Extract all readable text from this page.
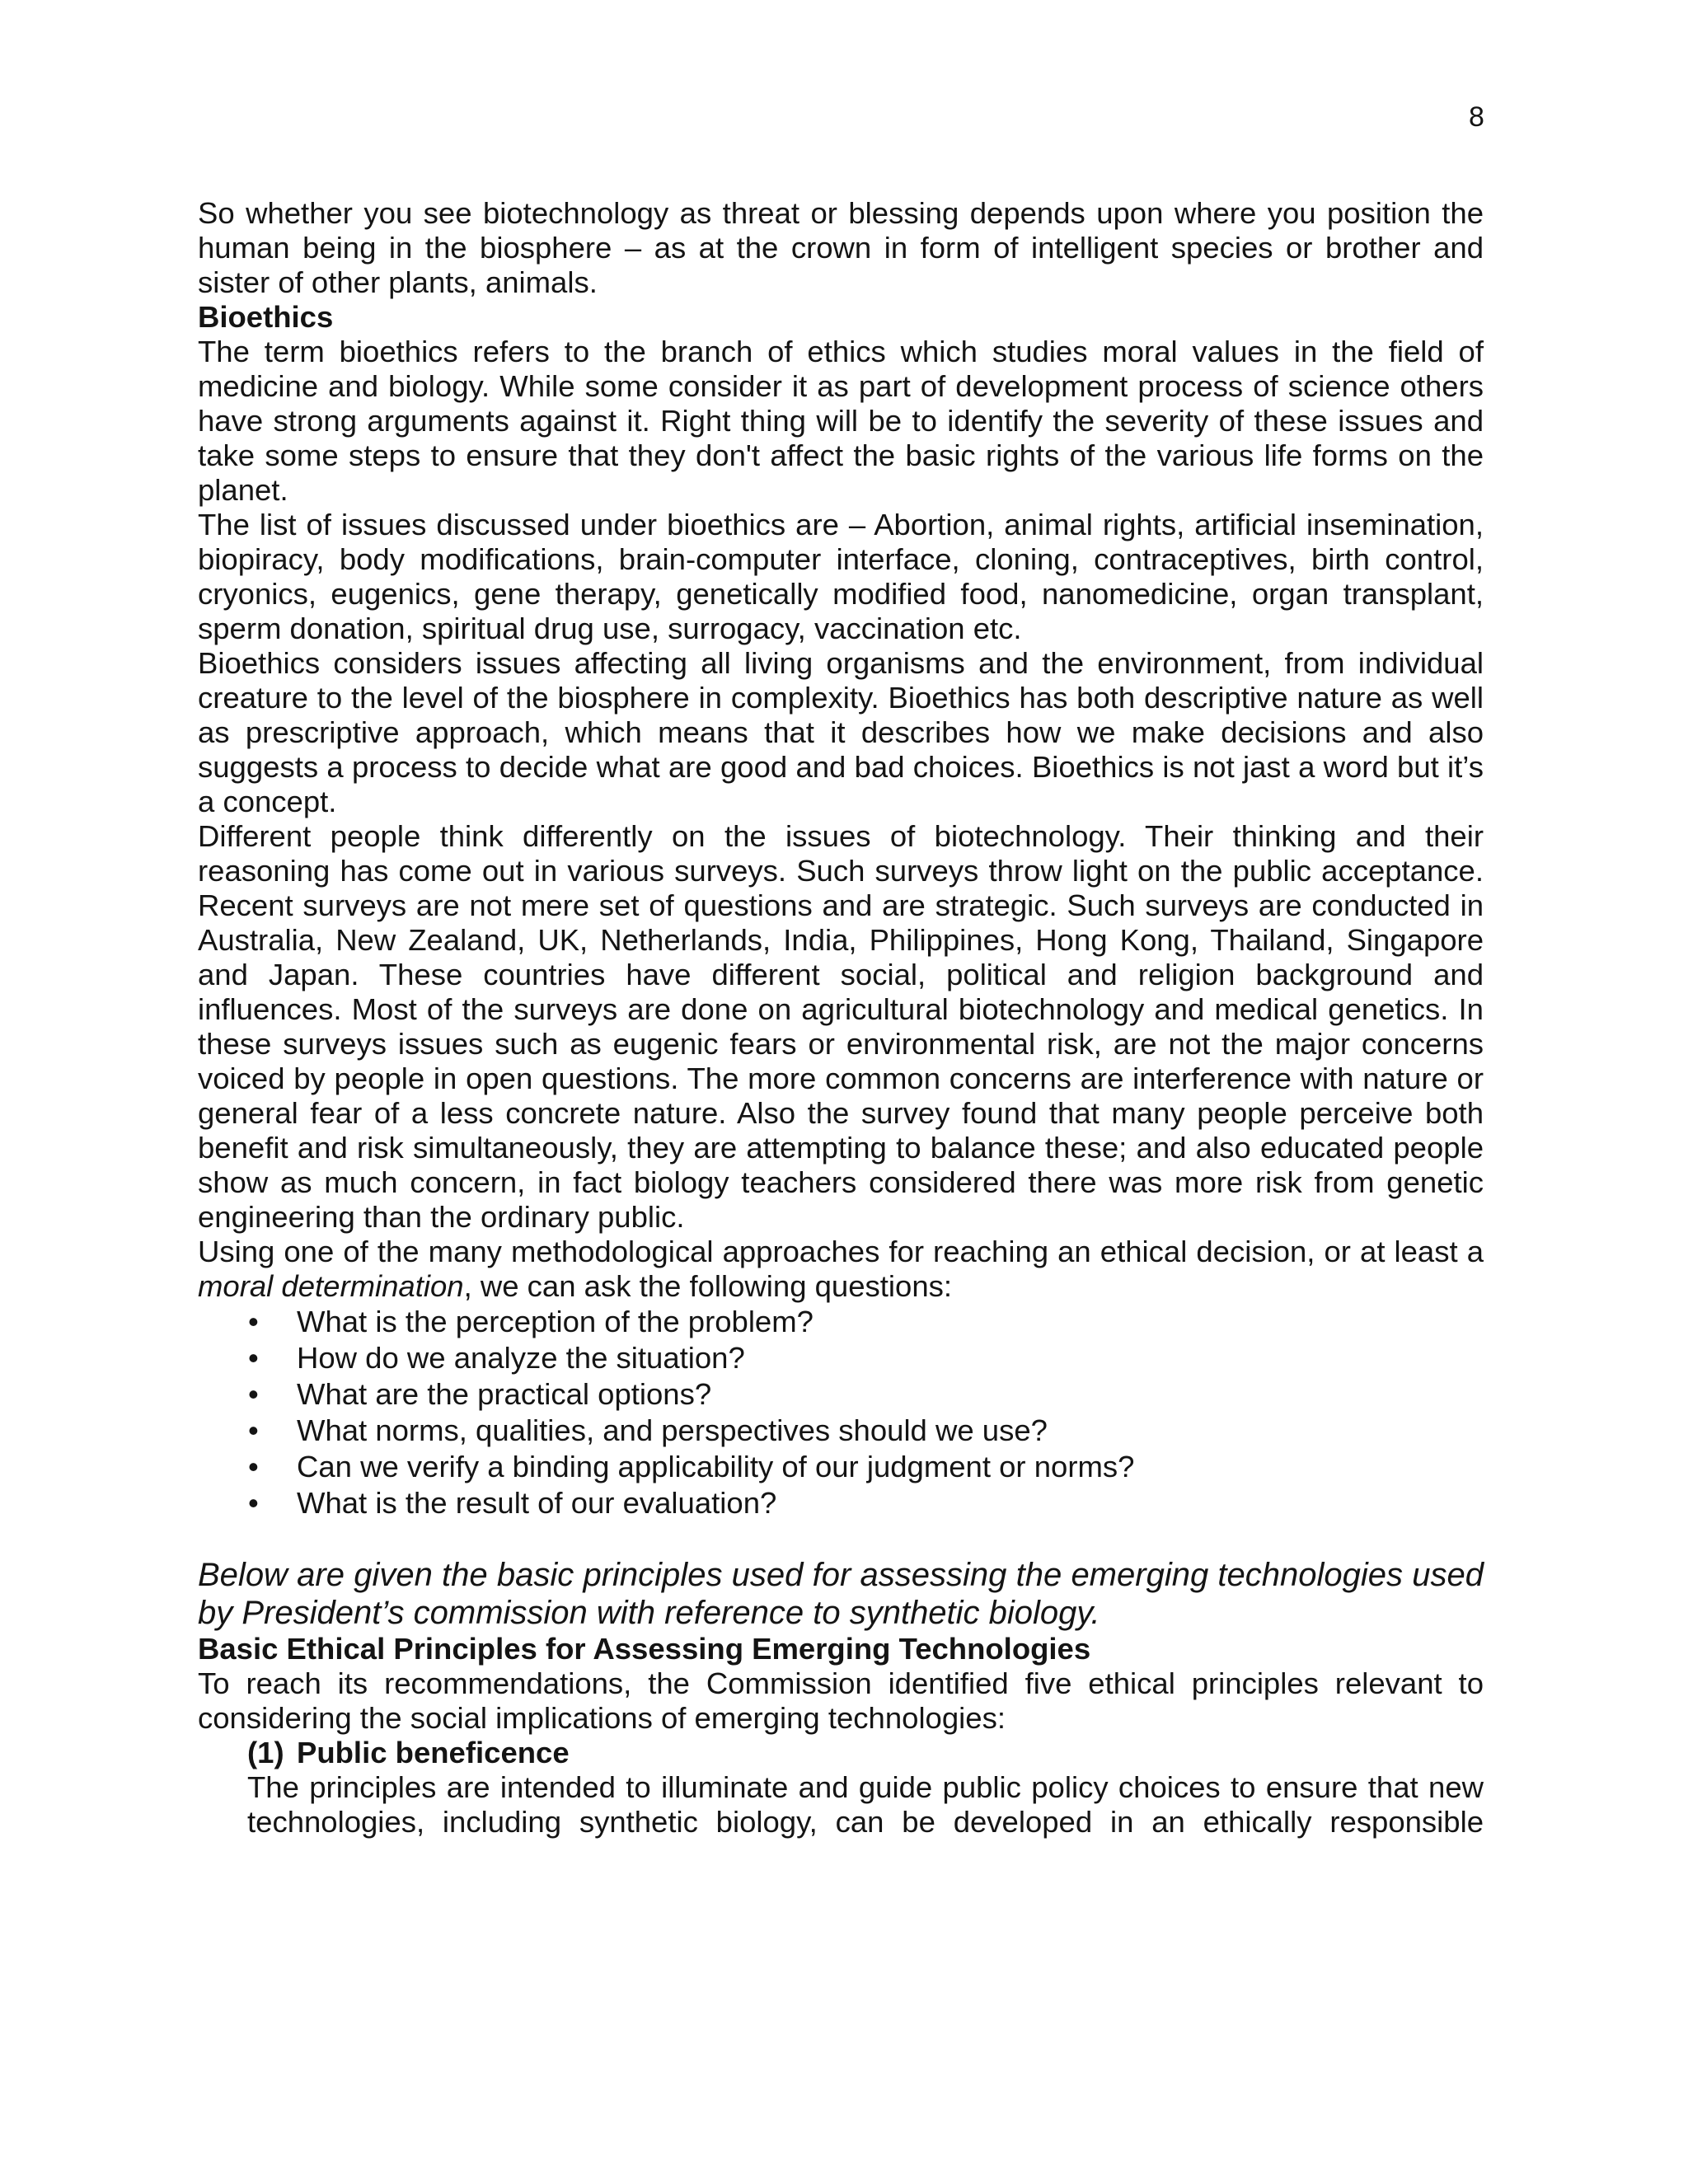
8

So whether you see biotechnology as threat or blessing depends upon where you position the human being in the biosphere – as at the crown in form of intelligent species or brother and sister of other plants, animals.

Bioethics

The term bioethics refers to the branch of ethics which studies moral values in the field of medicine and biology. While some consider it as part of development process of science others have strong arguments against it. Right thing will be to identify the severity of these issues and take some steps to ensure that they don't affect the basic rights of the various life forms on the planet.

The list of issues discussed under bioethics are – Abortion, animal rights, artificial insemination, biopiracy, body modifications, brain-computer interface, cloning, contraceptives, birth control, cryonics, eugenics, gene therapy, genetically modified food, nanomedicine, organ transplant, sperm donation, spiritual drug use, surrogacy, vaccination etc.

Bioethics considers issues affecting all living organisms and the environment, from individual creature to the level of the biosphere in complexity. Bioethics has both descriptive nature as well as prescriptive approach, which means that it describes how we make decisions and also suggests a process to decide what are good and bad choices. Bioethics is not jast a word but it’s a concept.

Different people think differently on the issues of biotechnology. Their thinking and their reasoning has come out in various surveys. Such surveys throw light on the public acceptance. Recent surveys are not mere set of questions and are strategic. Such surveys are conducted in Australia, New Zealand, UK, Netherlands, India, Philippines, Hong Kong, Thailand, Singapore and Japan. These countries have different social, political and religion background and influences. Most of the surveys are done on agricultural biotechnology and medical genetics. In these surveys issues such as eugenic fears or environmental risk, are not the major concerns voiced by people in open questions. The more common concerns are interference with nature or general fear of a less concrete nature. Also the survey found that many people perceive both benefit and risk simultaneously, they are attempting to balance these; and also educated people show as much concern, in fact biology teachers considered there was more risk from genetic engineering than the ordinary public.

Using one of the many methodological approaches for reaching an ethical decision, or at least a moral determination, we can ask the following questions:

• What is the perception of the problem?
• How do we analyze the situation?
• What are the practical options?
• What norms, qualities, and perspectives should we use?
• Can we verify a binding applicability of our judgment or norms?
• What is the result of our evaluation?

Below are given the basic principles used for assessing the emerging technologies used by President’s commission with reference to synthetic biology.

Basic Ethical Principles for Assessing Emerging Technologies

To reach its recommendations, the Commission identified five ethical principles relevant to considering the social implications of emerging technologies:

(1) Public beneficence

The principles are intended to illuminate and guide public policy choices to ensure that new technologies, including synthetic biology, can be developed in an ethically responsible
